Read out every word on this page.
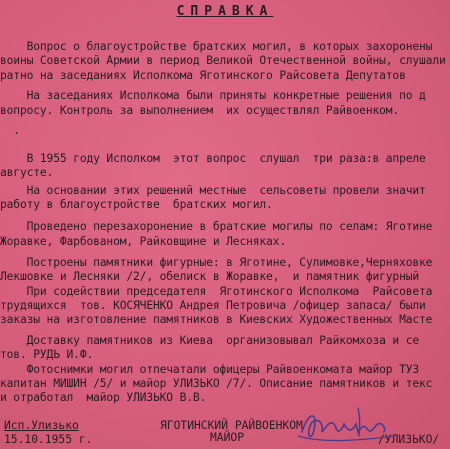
СПРАВКА
Вопрос о благоустройстве братских могил, в которых захоронены
воины Советской Армии в период Великой Отечественной войны, слушали
ратно на заседаниях Исполкома Яготинского Райсовета Депутатов
На заседаниях Исполкома были приняты конкретные решения по д
вопросу. Контроль за выполнением  их осуществлял Райвоенком.
.
В 1955 году Исполком  этот вопрос  слушал  три раза:в апреле
августе.
На основании этих решений местные  сельсоветы провели значит
работу в благоустройстве  братских могил.
Проведено перезахоронение в братские могилы по селам: Яготине
Жоравке, Фарбованом, Райковщине и Лесняках.
Построены памятники фигурные: в Яготине, Сулимовке,Черняховке
Лекшовке и Лесняки /2/, обелиск в Жоравке,  и памятник фигурный
При содействии председателя  Яготинского Исполкома  Райсовета
трудящихся  тов. КОСЯЧЕНКО Андрея Петровича /офицер запаса/ были
заказы на изготовление памятников в Киевских Художественных Масте
Доставку памятников из Киева  организовывал Райкомхоза и се
тов. РУДЬ И.Ф.
Фотоснимки могил отпечатали офицеры Райвоенкомата майор ТУЗ
капитан МИШИН /5/ и майор УЛИЗЬКО /7/. Описание памятников и текс
и отработал  майор УЛИЗЬКО В.В.
Исп.Улизько
15.10.1955 г.
ЯГОТИНСКИЙ РАЙВОЕНКОМ
МАЙОР	/УЛИЗЬКО/
